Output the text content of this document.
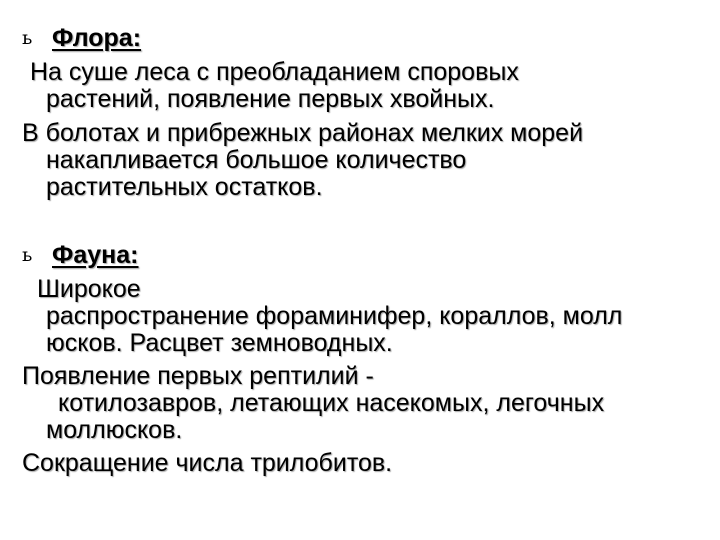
ь Флора:
На суше леса с преобладанием споровых
растений, появление первых хвойных.
В болотах и прибрежных районах мелких морей
накапливается большое количество
растительных остатков.
ь Фауна:
Широкое
распространение фораминифер, кораллов, молл
юсков. Расцвет земноводных.
Появление первых рептилий -
котилозавров, летающих насекомых, легочных
моллюсков.
Сокращение числа трилобитов.
